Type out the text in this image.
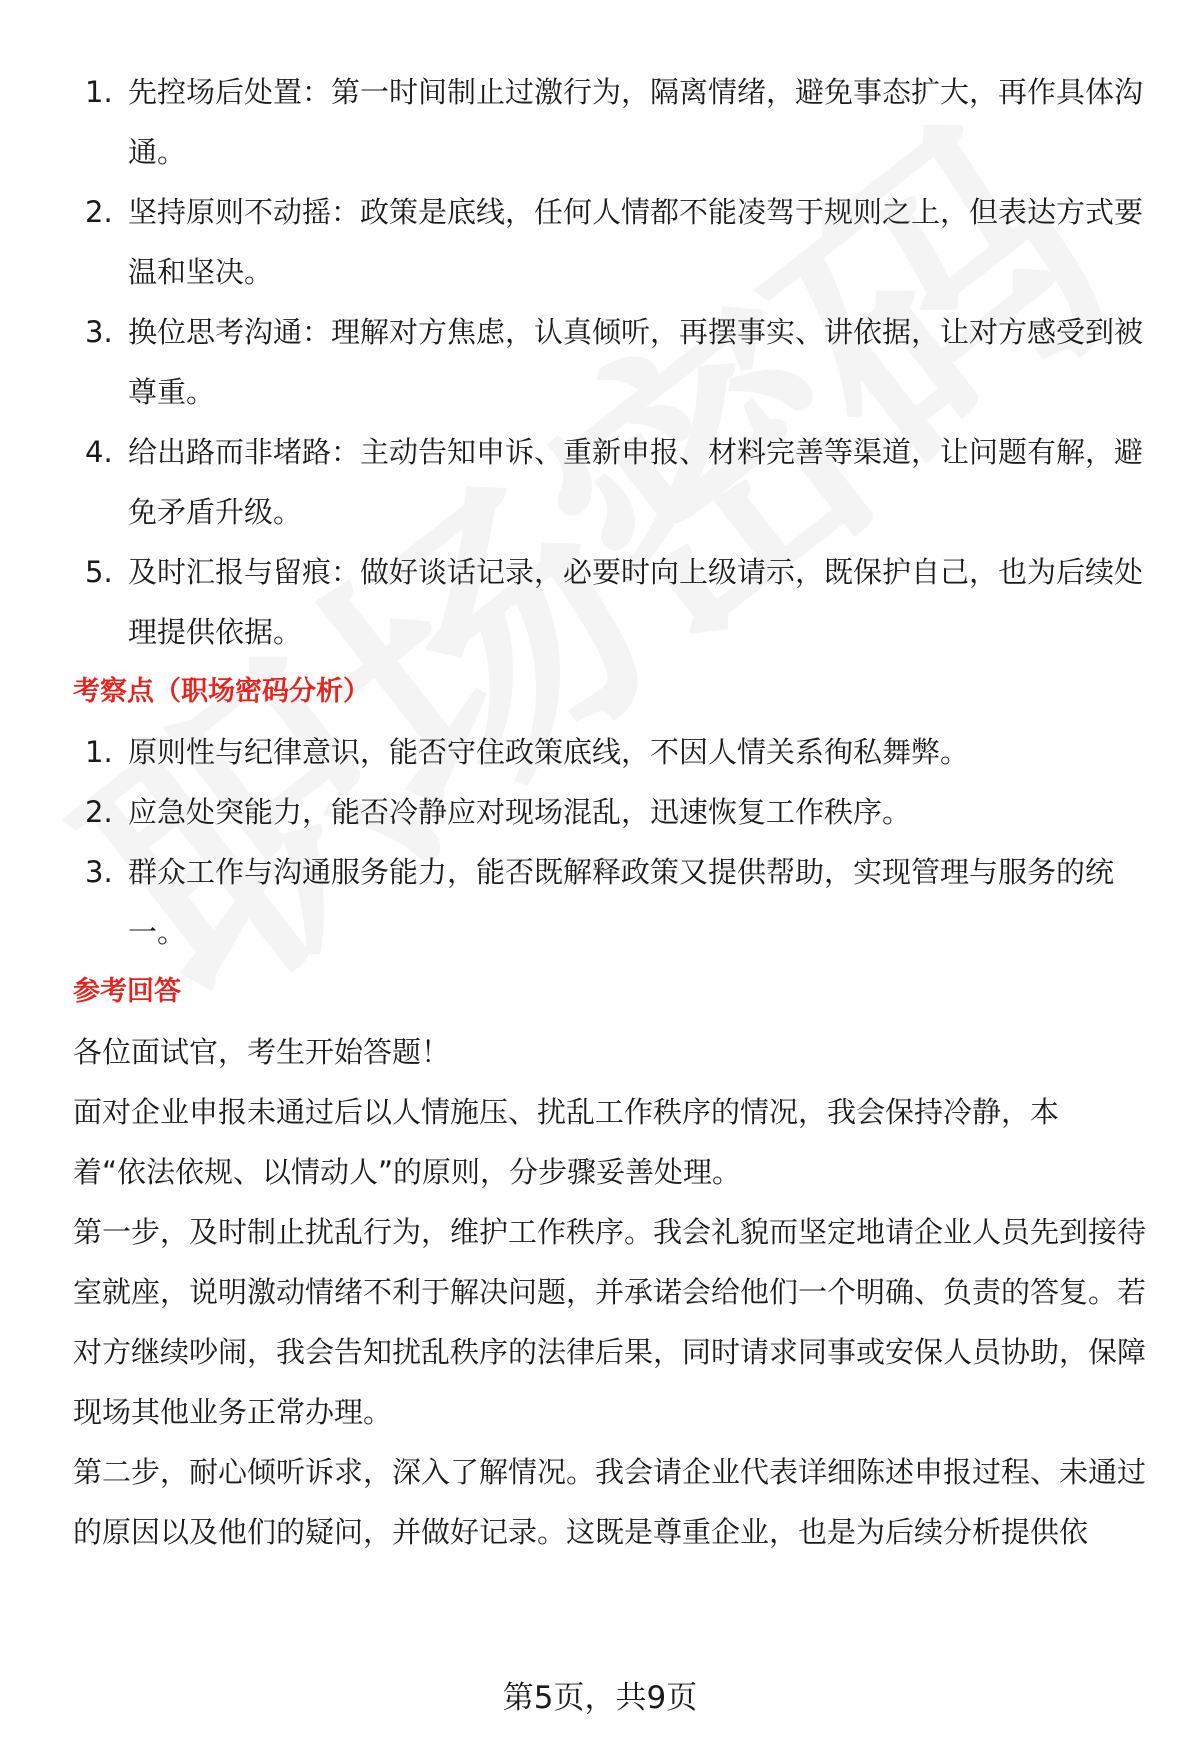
1. 先控场后处置：第一时间制止过激行为，隔离情绪，避免事态扩大，再作具体沟通。
2. 坚持原则不动摇：政策是底线，任何人情都不能凌驾于规则之上，但表达方式要温和坚决。
3. 换位思考沟通：理解对方焦虑，认真倾听，再摆事实、讲依据，让对方感受到被尊重。
4. 给出路而非堵路：主动告知申诉、重新申报、材料完善等渠道，让问题有解，避免矛盾升级。
5. 及时汇报与留痕：做好谈话记录，必要时向上级请示，既保护自己，也为后续处理提供依据。
考察点（职场密码分析）
1. 原则性与纪律意识，能否守住政策底线，不因人情关系徇私舞弊。
2. 应急处突能力，能否冷静应对现场混乱，迅速恢复工作秩序。
3. 群众工作与沟通服务能力，能否既解释政策又提供帮助，实现管理与服务的统一。
参考回答

各位面试官，考生开始答题！

面对企业申报未通过后以人情施压、扰乱工作秩序的情况，我会保持冷静，本着“依法依规、以情动人”的原则，分步骤妥善处理。

第一步，及时制止扰乱行为，维护工作秩序。我会礼貌而坚定地请企业人员先到接待室就座，说明激动情绪不利于解决问题，并承诺会给他们一个明确、负责的答复。若对方继续吵闹，我会告知扰乱秩序的法律后果，同时请求同事或安保人员协助，保障现场其他业务正常办理。

第二步，耐心倾听诉求，深入了解情况。我会请企业代表详细陈述申报过程、未通过的原因以及他们的疑问，并做好记录。这既是尊重企业，也是为后续分析提供依

第5页，共9页
